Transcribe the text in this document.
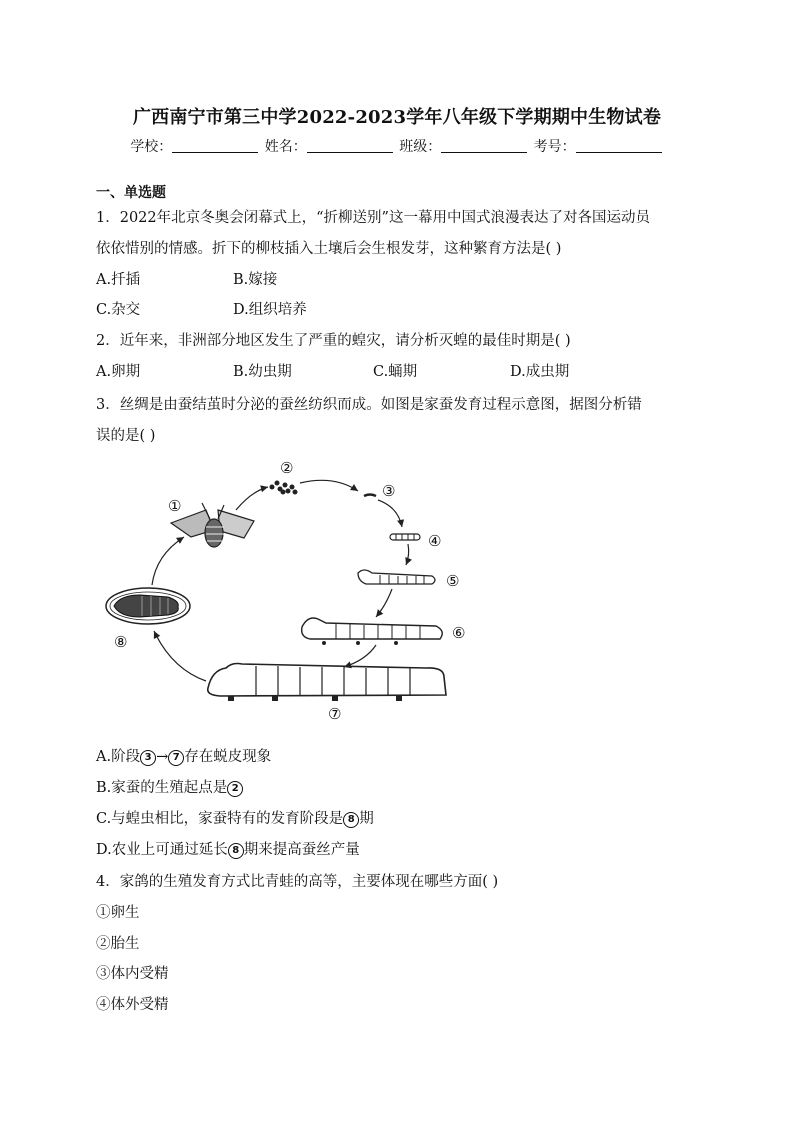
广西南宁市第三中学2022-2023学年八年级下学期期中生物试卷
学校：	姓名：	班级：	考号：
一、单选题
1．2022年北京冬奥会闭幕式上，“折柳送别”这一幕用中国式浪漫表达了对各国运动员
依依惜别的情感。折下的柳枝插入土壤后会生根发芽，这种繁育方法是( )
A.扦插	B.嫁接
C.杂交	D.组织培养
2．近年来，非洲部分地区发生了严重的蝗灾，请分析灭蝗的最佳时期是( )
A.卵期	B.幼虫期	C.蛹期	D.成虫期
3．丝绸是由蚕结茧时分泌的蚕丝纺织而成。如图是家蚕发育过程示意图，据图分析错
误的是( )
①
②
③
④
⑤
⑥
⑦
⑧
A.阶段 3 → 7 存在蜕皮现象
B.家蚕的生殖起点是 2
C.与蝗虫相比，家蚕特有的发育阶段是 8 期
D.农业上可通过延长 8 期来提高蚕丝产量
4．家鸽的生殖发育方式比青蛙的高等，主要体现在哪些方面( )
①卵生
②胎生
③体内受精
④体外受精
